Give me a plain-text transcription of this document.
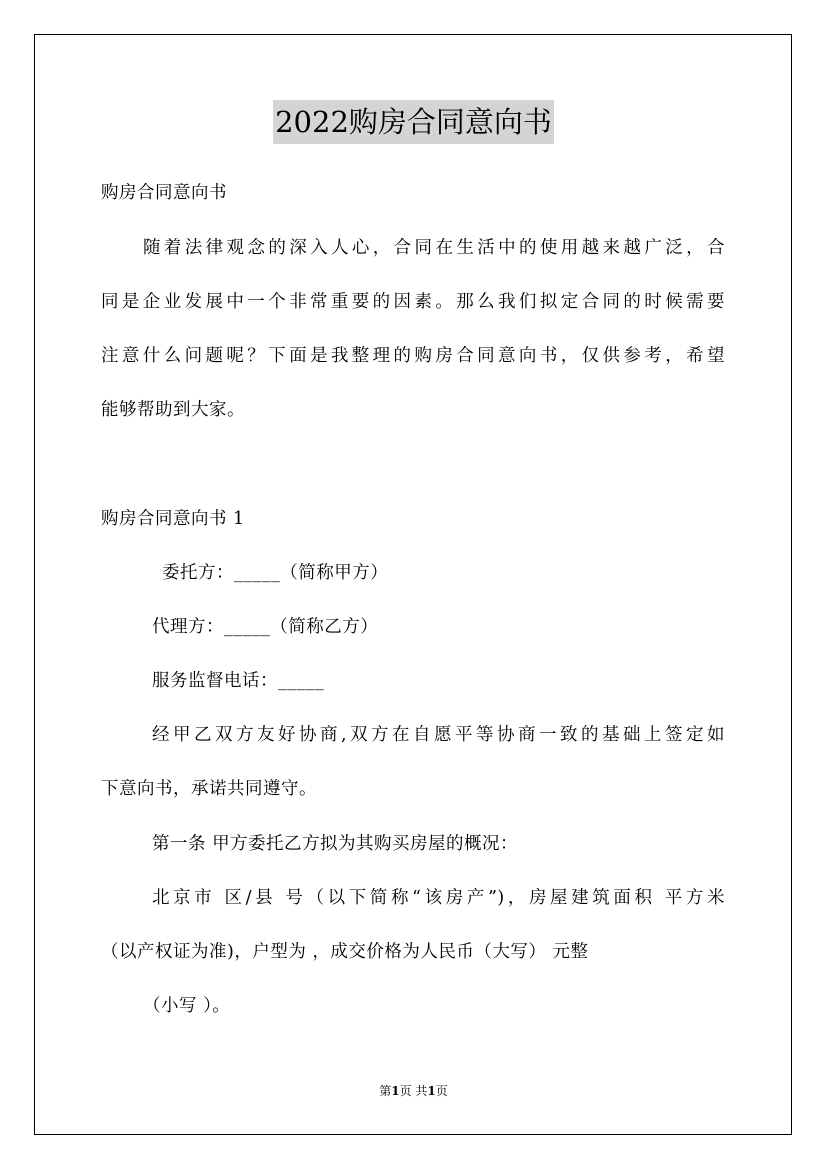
2022购房合同意向书
购房合同意向书
随着法律观念的深入人心，合同在生活中的使用越来越广泛，合
同是企业发展中一个非常重要的因素。那么我们拟定合同的时候需要
注意什么问题呢？下面是我整理的购房合同意向书，仅供参考，希望
能够帮助到大家。
购房合同意向书 1
委托方：_____（简称甲方）
代理方：_____（简称乙方）
服务监督电话：_____
经甲乙双方友好协商,双方在自愿平等协商一致的基础上签定如
下意向书，承诺共同遵守。
第一条 甲方委托乙方拟为其购买房屋的概况：
北京市 区/县 号（以下简称“该房产”)，房屋建筑面积 平方米
（以产权证为准)，户型为 ，成交价格为人民币（大写） 元整
（小写 ）。
第1页 共1页
